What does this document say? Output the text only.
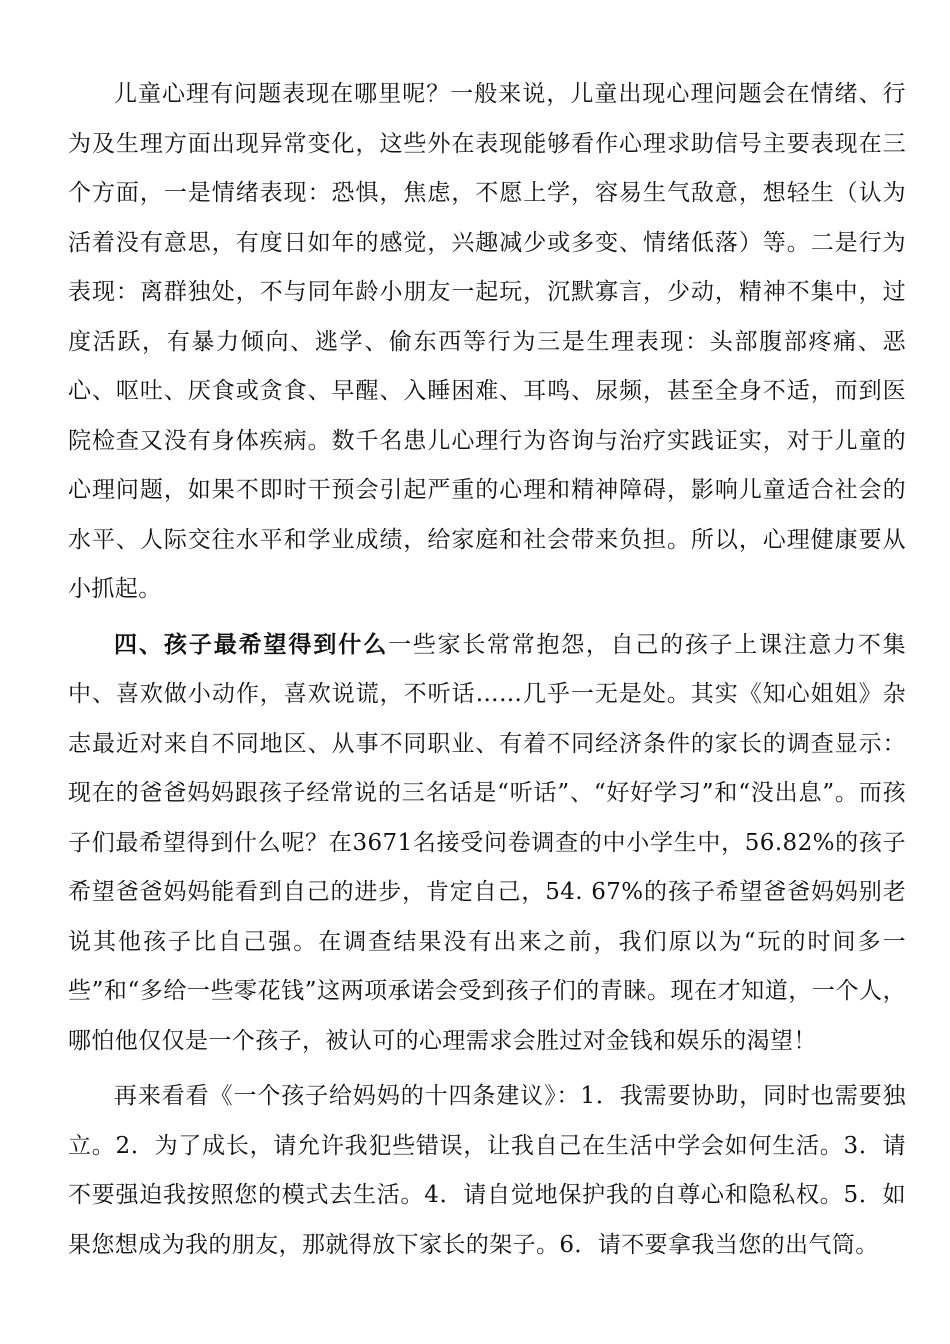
儿童心理有问题表现在哪里呢？一般来说，儿童出现心理问题会在情绪、行为及生理方面出现异常变化，这些外在表现能够看作心理求助信号主要表现在三个方面，一是情绪表现：恐惧，焦虑，不愿上学，容易生气敌意，想轻生（认为活着没有意思，有度日如年的感觉，兴趣减少或多变、情绪低落）等。二是行为表现：离群独处，不与同年龄小朋友一起玩，沉默寡言，少动，精神不集中，过度活跃，有暴力倾向、逃学、偷东西等行为三是生理表现：头部腹部疼痛、恶心、呕吐、厌食或贪食、早醒、入睡困难、耳鸣、尿频，甚至全身不适，而到医院检查又没有身体疾病。数千名患儿心理行为咨询与治疗实践证实，对于儿童的心理问题，如果不即时干预会引起严重的心理和精神障碍，影响儿童适合社会的水平、人际交往水平和学业成绩，给家庭和社会带来负担。所以，心理健康要从小抓起。

四、孩子最希望得到什么一些家长常常抱怨，自己的孩子上课注意力不集中、喜欢做小动作，喜欢说谎，不听话……几乎一无是处。其实《知心姐姐》杂志最近对来自不同地区、从事不同职业、有着不同经济条件的家长的调查显示：现在的爸爸妈妈跟孩子经常说的三名话是“听话”、“好好学习”和“没出息”。而孩子们最希望得到什么呢？在3671名接受问卷调查的中小学生中，56.82%的孩子希望爸爸妈妈能看到自己的进步，肯定自己，54. 67%的孩子希望爸爸妈妈别老说其他孩子比自己强。在调查结果没有出来之前，我们原以为“玩的时间多一些”和“多给一些零花钱”这两项承诺会受到孩子们的青睐。现在才知道，一个人，哪怕他仅仅是一个孩子，被认可的心理需求会胜过对金钱和娱乐的渴望！

再来看看《一个孩子给妈妈的十四条建议》：1．我需要协助，同时也需要独立。2．为了成长，请允许我犯些错误，让我自己在生活中学会如何生活。3．请不要强迫我按照您的模式去生活。4．请自觉地保护我的自尊心和隐私权。5．如果您想成为我的朋友，那就得放下家长的架子。6．请不要拿我当您的出气筒。
